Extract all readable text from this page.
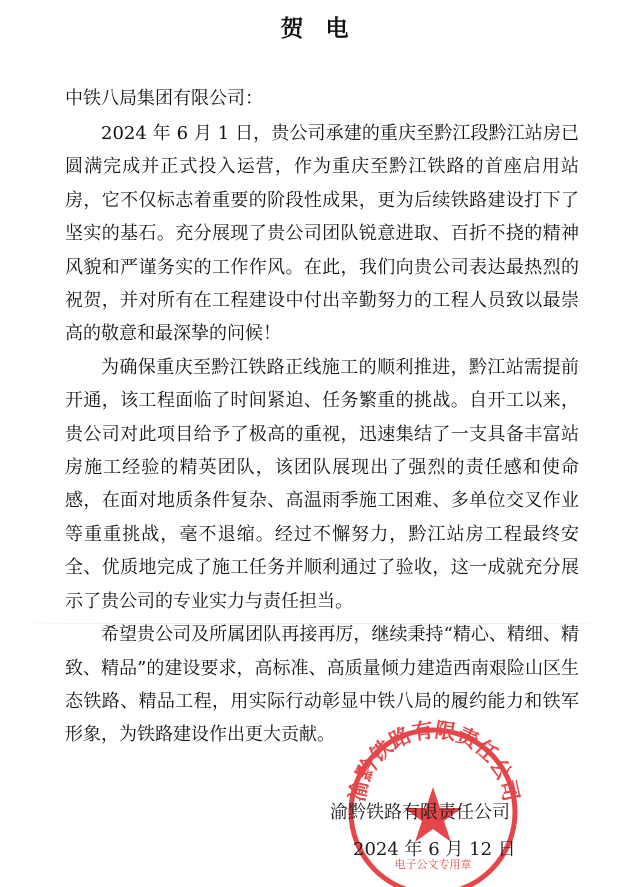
贺电
中铁八局集团有限公司：

2024 年 6 月 1 日，贵公司承建的重庆至黔江段黔江站房已圆满完成并正式投入运营，作为重庆至黔江铁路的首座启用站房，它不仅标志着重要的阶段性成果，更为后续铁路建设打下了坚实的基石。充分展现了贵公司团队锐意进取、百折不挠的精神风貌和严谨务实的工作作风。在此，我们向贵公司表达最热烈的祝贺，并对所有在工程建设中付出辛勤努力的工程人员致以最崇高的敬意和最深挚的问候！

为确保重庆至黔江铁路正线施工的顺利推进，黔江站需提前开通，该工程面临了时间紧迫、任务繁重的挑战。自开工以来，贵公司对此项目给予了极高的重视，迅速集结了一支具备丰富站房施工经验的精英团队，该团队展现出了强烈的责任感和使命感，在面对地质条件复杂、高温雨季施工困难、多单位交叉作业等重重挑战，毫不退缩。经过不懈努力，黔江站房工程最终安全、优质地完成了施工任务并顺利通过了验收，这一成就充分展示了贵公司的专业实力与责任担当。

希望贵公司及所属团队再接再厉，继续秉持“精心、精细、精致、精品”的建设要求，高标准、高质量倾力建造西南艰险山区生态铁路、精品工程，用实际行动彰显中铁八局的履约能力和铁军形象，为铁路建设作出更大贡献。

渝黔铁路有限责任公司
电子公文专用章
渝黔铁路有限责任公司
2024 年 6 月 12 日
